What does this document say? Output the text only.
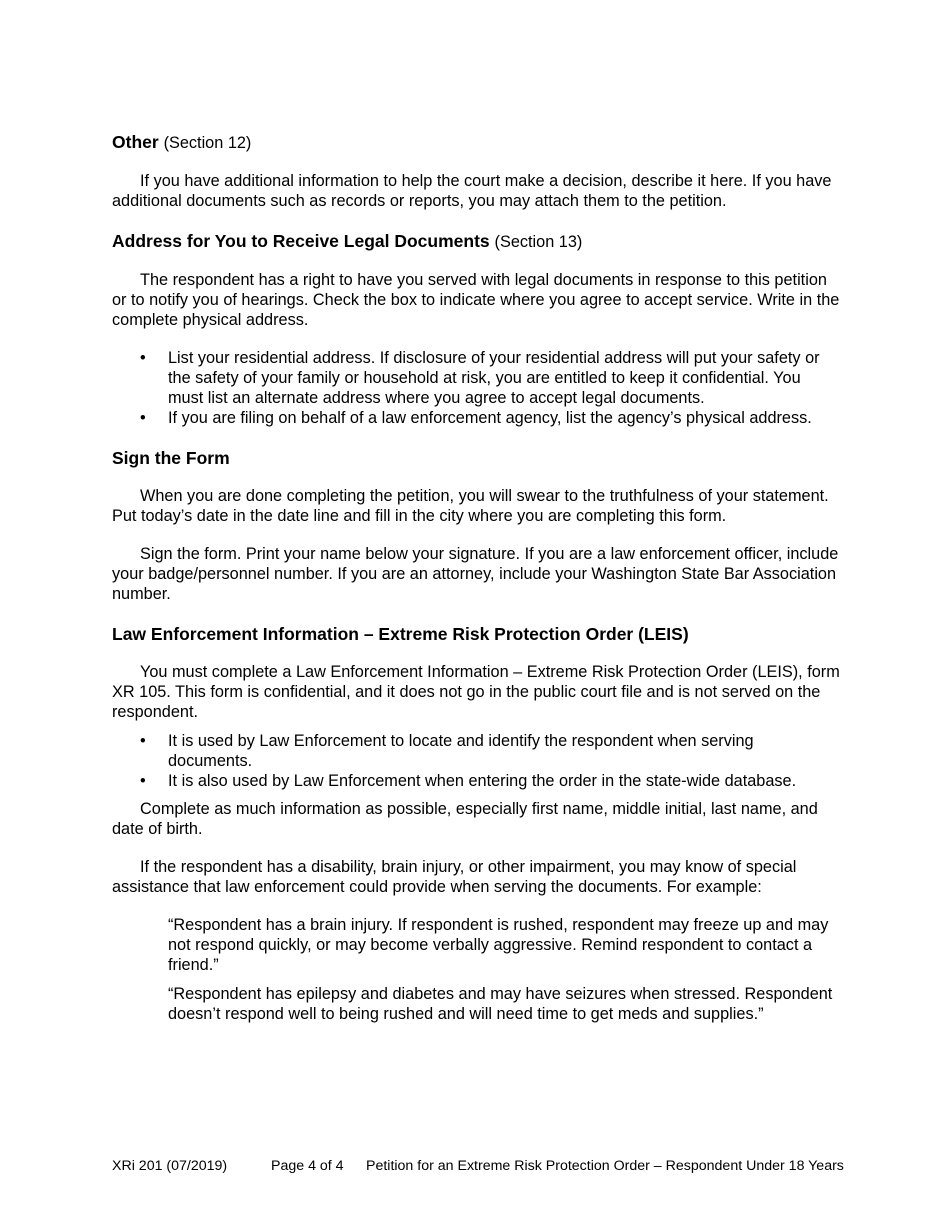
Other (Section 12)

If you have additional information to help the court make a decision, describe it here. If you have additional documents such as records or reports, you may attach them to the petition.

Address for You to Receive Legal Documents (Section 13)

The respondent has a right to have you served with legal documents in response to this petition or to notify you of hearings. Check the box to indicate where you agree to accept service. Write in the complete physical address.

• List your residential address. If disclosure of your residential address will put your safety or the safety of your family or household at risk, you are entitled to keep it confidential. You must list an alternate address where you agree to accept legal documents.
• If you are filing on behalf of a law enforcement agency, list the agency’s physical address.
Sign the Form

When you are done completing the petition, you will swear to the truthfulness of your statement. Put today’s date in the date line and fill in the city where you are completing this form.

Sign the form. Print your name below your signature. If you are a law enforcement officer, include your badge/personnel number. If you are an attorney, include your Washington State Bar Association number.

Law Enforcement Information – Extreme Risk Protection Order (LEIS)

You must complete a Law Enforcement Information – Extreme Risk Protection Order (LEIS), form XR 105. This form is confidential, and it does not go in the public court file and is not served on the respondent.

• It is used by Law Enforcement to locate and identify the respondent when serving documents.
• It is also used by Law Enforcement when entering the order in the state-wide database.

Complete as much information as possible, especially first name, middle initial, last name, and date of birth.

If the respondent has a disability, brain injury, or other impairment, you may know of special assistance that law enforcement could provide when serving the documents. For example:

“Respondent has a brain injury. If respondent is rushed, respondent may freeze up and may not respond quickly, or may become verbally aggressive. Remind respondent to contact a friend.”

“Respondent has epilepsy and diabetes and may have seizures when stressed. Respondent doesn’t respond well to being rushed and will need time to get meds and supplies.”

XRi 201 (07/2019)	Page 4 of 4 Petition for an Extreme Risk Protection Order – Respondent Under 18 Years
